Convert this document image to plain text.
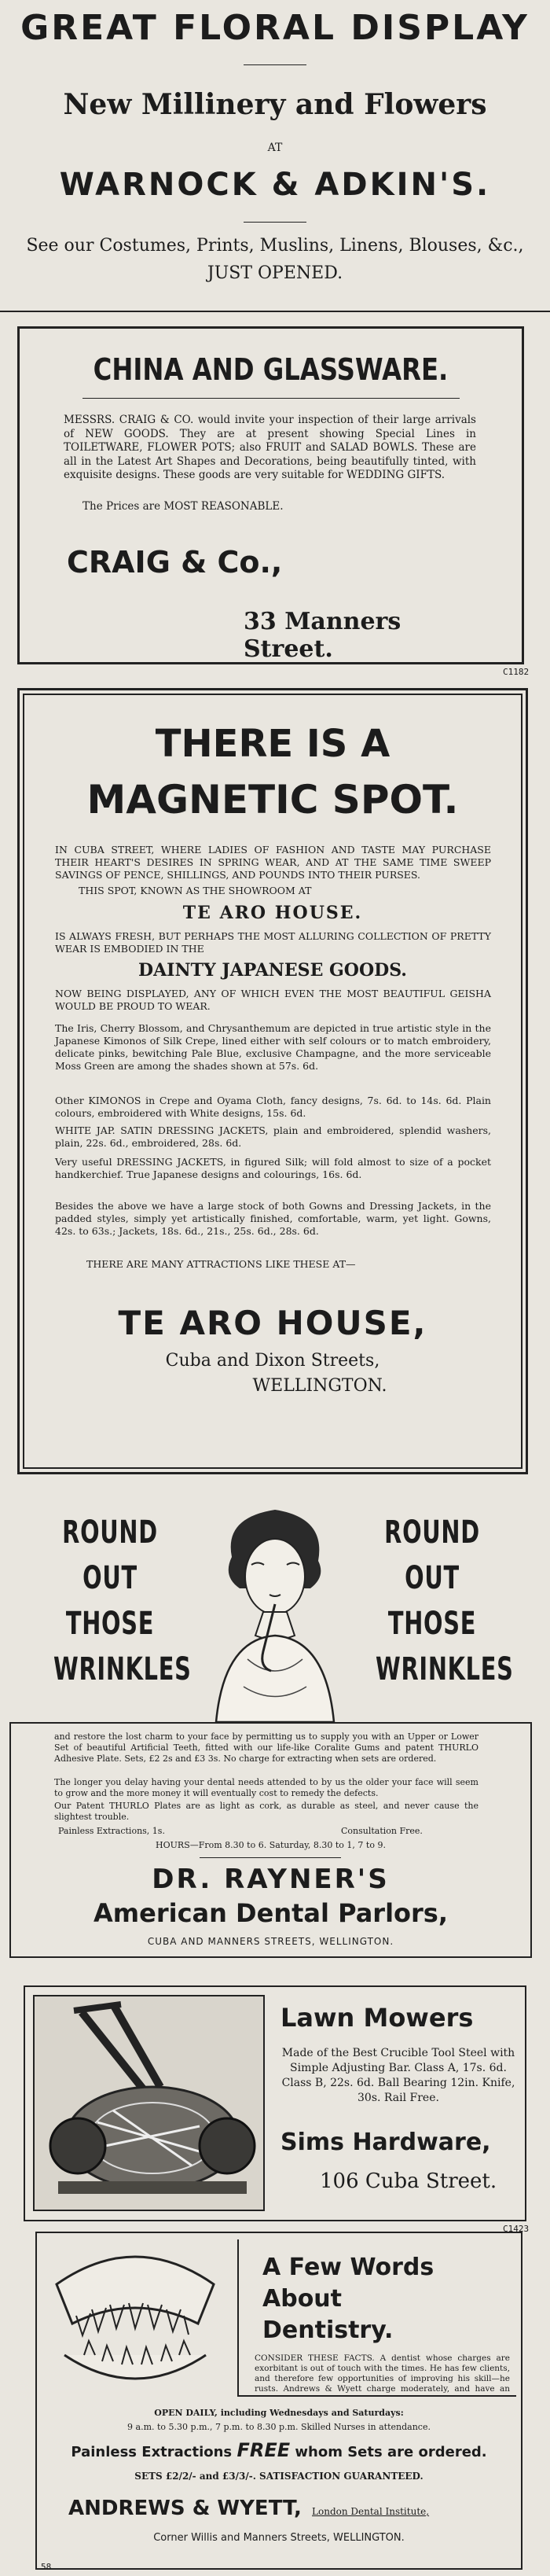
GREAT FLORAL DISPLAY
New Millinery and Flowers
AT
WARNOCK & ADKIN'S.
See our Costumes, Prints, Muslins, Linens, Blouses, &c.,
JUST OPENED.
CHINA AND GLASSWARE.
MESSRS. CRAIG & CO. would invite your inspection of their large arrivals of NEW GOODS. They are at present showing Special Lines in TOILETWARE, FLOWER POTS; also FRUIT and SALAD BOWLS. These are all in the Latest Art Shapes and Decorations, being beautifully tinted, with exquisite designs. These goods are very suitable for WEDDING GIFTS.
The Prices are MOST REASONABLE.
CRAIG & Co.,
33 Manners Street.
C1182
THERE IS A
MAGNETIC SPOT.
IN CUBA STREET, WHERE LADIES OF FASHION AND TASTE MAY PURCHASE THEIR HEART'S DESIRES IN SPRING WEAR, AND AT THE SAME TIME SWEEP SAVINGS OF PENCE, SHILLINGS, AND POUNDS INTO THEIR PURSES.
THIS SPOT, KNOWN AS THE SHOWROOM AT
TE ARO HOUSE.
IS ALWAYS FRESH, BUT PERHAPS THE MOST ALLURING COLLECTION OF PRETTY WEAR IS EMBODIED IN THE
DAINTY JAPANESE GOODS.
NOW BEING DISPLAYED, ANY OF WHICH EVEN THE MOST BEAUTIFUL GEISHA WOULD BE PROUD TO WEAR.
The Iris, Cherry Blossom, and Chrysanthemum are depicted in true artistic style in the Japanese Kimonos of Silk Crepe, lined either with self colours or to match embroidery, delicate pinks, bewitching Pale Blue, exclusive Champagne, and the more serviceable Moss Green are among the shades shown at 57s. 6d.
Other KIMONOS in Crepe and Oyama Cloth, fancy designs, 7s. 6d. to 14s. 6d. Plain colours, embroidered with White designs, 15s. 6d.
WHITE JAP. SATIN DRESSING JACKETS, plain and embroidered, splendid washers, plain, 22s. 6d., embroidered, 28s. 6d.
Very useful DRESSING JACKETS, in figured Silk; will fold almost to size of a pocket handkerchief. True Japanese designs and colourings, 16s. 6d.
Besides the above we have a large stock of both Gowns and Dressing Jackets, in the padded styles, simply yet artistically finished, comfortable, warm, yet light. Gowns, 42s. to 63s.; Jackets, 18s. 6d., 21s., 25s. 6d., 28s. 6d.
THERE ARE MANY ATTRACTIONS LIKE THESE AT—
TE ARO HOUSE,
Cuba and Dixon Streets,
WELLINGTON.
ROUND
OUT
THOSE
WRINKLES
ROUND
OUT
THOSE
WRINKLES
and restore the lost charm to your face by permitting us to supply you with an Upper or Lower Set of beautiful Artificial Teeth, fitted with our life-like Coralite Gums and patent THURLO Adhesive Plate. Sets, £2 2s and £3 3s. No charge for extracting when sets are ordered.
The longer you delay having your dental needs attended to by us the older your face will seem to grow and the more money it will eventually cost to remedy the defects.
Our Patent THURLO Plates are as light as cork, as durable as steel, and never cause the slightest trouble.
Painless Extractions, 1s.	Consultation Free.
HOURS—From 8.30 to 6. Saturday, 8.30 to 1, 7 to 9.
DR. RAYNER'S
American Dental Parlors,
CUBA AND MANNERS STREETS, WELLINGTON.
Lawn Mowers
Made of the Best Crucible Tool Steel with Simple Adjusting Bar. Class A, 17s. 6d. Class B, 22s. 6d. Ball Bearing 12in. Knife, 30s. Rail Free.
Sims Hardware,
106 Cuba Street.
C1423
A Few Words
About
Dentistry.
CONSIDER THESE FACTS. A dentist whose charges are exorbitant is out of touch with the times. He has few clients, and therefore few opportunities of improving his skill—he rusts. Andrews & Wyett charge moderately, and have an
OPEN DAILY, including Wednesdays and Saturdays:
9 a.m. to 5.30 p.m., 7 p.m. to 8.30 p.m. Skilled Nurses in attendance.
Painless Extractions FREE whom Sets are ordered.
SETS £2/2/- and £3/3/-. SATISFACTION GUARANTEED.
ANDREWS & WYETT, London Dental Institute,
Corner Willis and Manners Streets, WELLINGTON.
58
